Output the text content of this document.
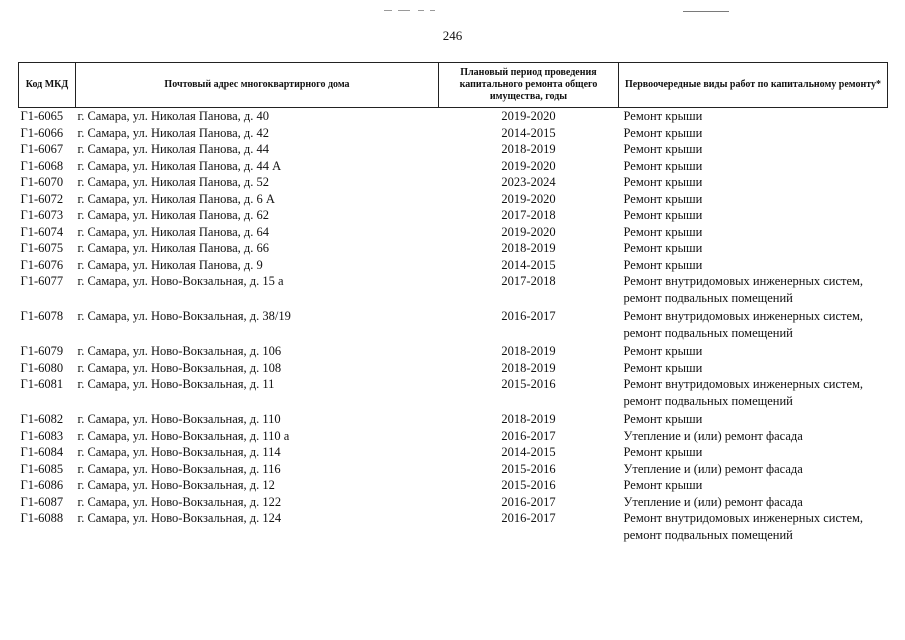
246
Код МКД	Почтовый адрес многоквартирного дома	Плановый период проведения капитального ремонта общего имущества, годы	Первоочередные виды работ по капитальному ремонту*
Г1-6065	г. Самара, ул. Николая Панова, д. 40	2019-2020	Ремонт крыши

Г1-6066	г. Самара, ул. Николая Панова, д. 42	2014-2015	Ремонт крыши

Г1-6067	г. Самара, ул. Николая Панова, д. 44	2018-2019	Ремонт крыши

Г1-6068	г. Самара, ул. Николая Панова, д. 44 А	2019-2020	Ремонт крыши

Г1-6070	г. Самара, ул. Николая Панова, д. 52	2023-2024	Ремонт крыши

Г1-6072	г. Самара, ул. Николая Панова, д. 6 А	2019-2020	Ремонт крыши

Г1-6073	г. Самара, ул. Николая Панова, д. 62	2017-2018	Ремонт крыши

Г1-6074	г. Самара, ул. Николая Панова, д. 64	2019-2020	Ремонт крыши

Г1-6075	г. Самара, ул. Николая Панова, д. 66	2018-2019	Ремонт крыши

Г1-6076	г. Самара, ул. Николая Панова, д. 9	2014-2015	Ремонт крыши

Г1-6077	г. Самара, ул. Ново-Вокзальная, д. 15 а	2017-2018	Ремонт внутридомовых инженерных систем,
ремонт подвальных помещений

Г1-6078	г. Самара, ул. Ново-Вокзальная, д. 38/19	2016-2017	Ремонт внутридомовых инженерных систем,
ремонт подвальных помещений

Г1-6079	г. Самара, ул. Ново-Вокзальная, д. 106	2018-2019	Ремонт крыши

Г1-6080	г. Самара, ул. Ново-Вокзальная, д. 108	2018-2019	Ремонт крыши

Г1-6081	г. Самара, ул. Ново-Вокзальная, д. 11	2015-2016	Ремонт внутридомовых инженерных систем,
ремонт подвальных помещений

Г1-6082	г. Самара, ул. Ново-Вокзальная, д. 110	2018-2019	Ремонт крыши

Г1-6083	г. Самара, ул. Ново-Вокзальная, д. 110 а	2016-2017	Утепление и (или) ремонт фасада

Г1-6084	г. Самара, ул. Ново-Вокзальная, д. 114	2014-2015	Ремонт крыши

Г1-6085	г. Самара, ул. Ново-Вокзальная, д. 116	2015-2016	Утепление и (или) ремонт фасада

Г1-6086	г. Самара, ул. Ново-Вокзальная, д. 12	2015-2016	Ремонт крыши

Г1-6087	г. Самара, ул. Ново-Вокзальная, д. 122	2016-2017	Утепление и (или) ремонт фасада

Г1-6088	г. Самара, ул. Ново-Вокзальная, д. 124	2016-2017	Ремонт внутридомовых инженерных систем,
ремонт подвальных помещений
